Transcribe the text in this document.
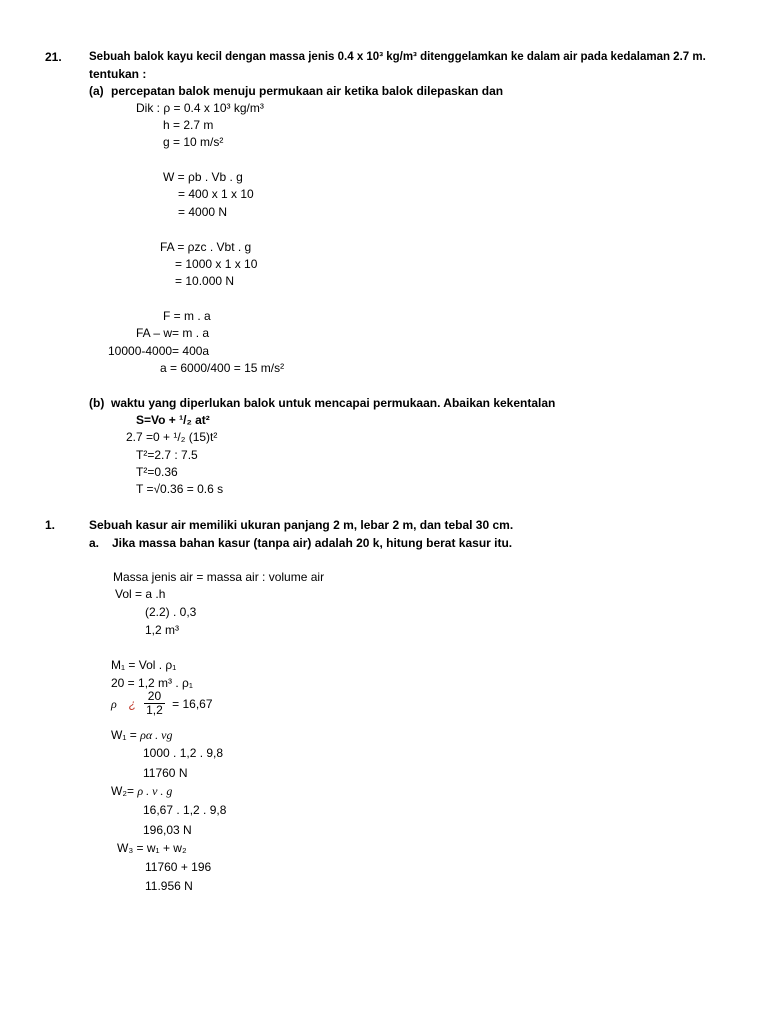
21. Sebuah balok kayu kecil dengan massa jenis 0.4 x 10³ kg/m³ ditenggelamkan ke dalam air pada kedalaman 2.7 m.
tentukan :
(a) percepatan balok menuju permukaan air ketika balok dilepaskan dan
Dik : ρ = 0.4 x 10³ kg/m³
h = 2.7 m
g = 10 m/s²
W = ρb . Vb . g
= 400 x 1 x 10
= 4000 N
FA = ρzc . Vbt . g
= 1000 x 1 x 10
= 10.000 N
F = m . a
FA – w= m . a
10000-4000= 400a
a = 6000/400 = 15 m/s²
(b) waktu yang diperlukan balok untuk mencapai permukaan. Abaikan kekentalan
S=Vo + ¹/₂ at²
2.7 =0 + ¹/₂ (15)t²
T²=2.7 : 7.5
T²=0.36
T =√0.36 = 0.6 s
1.	Sebuah kasur air memiliki ukuran panjang 2 m, lebar 2 m, dan tebal 30 cm.
a. Jika massa bahan kasur (tanpa air) adalah 20 k, hitung berat kasur itu.
Massa jenis air = massa air : volume air
Vol = a .h
(2.2) . 0,3
1,2 m³
M₁ = Vol . ρ₁
20 = 1,2 m³ . ρ₁
ρ ¿ $\frac{20}{1,2} = 16,67$
W₁ = ρα . vg
1000 . 1,2 . 9,8
11760 N
W₂= ρ . v . g
16,67 . 1,2 . 9,8
196,03 N
W₃ = w₁ + w₂
11760 + 196
11.956 N
